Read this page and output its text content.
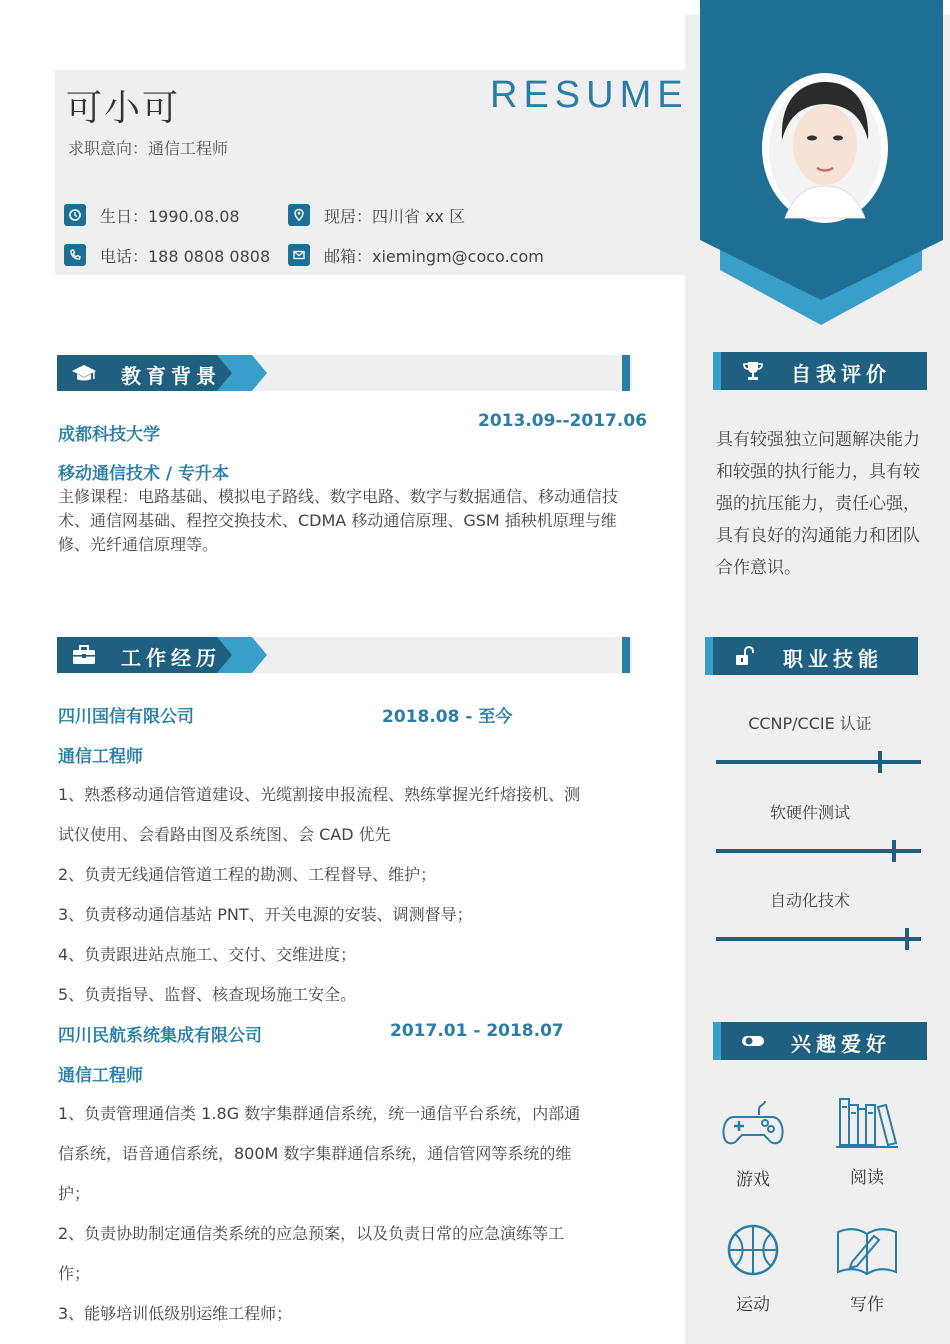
可小可	RESUME
求职意向：通信工程师
生日：1990.08.08	现居：四川省 xx 区
电话：188 0808 0808	邮箱：xiemingm@coco.com
教育背景
成都科技大学
2013.09--2017.06
移动通信技术 / 专升本
主修课程：电路基础、模拟电子路线、数字电路、数字与数据通信、移动通信技术、通信网基础、程控交换技术、CDMA 移动通信原理、GSM 插秧机原理与维修、光纤通信原理等。
工作经历
四川国信有限公司	2018.08 - 至今
通信工程师
1、熟悉移动通信管道建设、光缆割接申报流程、熟练掌握光纤熔接机、测
试仪使用、会看路由图及系统图、会 CAD 优先
2、负责无线通信管道工程的勘测、工程督导、维护；
3、负责移动通信基站 PNT、开关电源的安装、调测督导；
4、负责跟进站点施工、交付、交维进度；
5、负责指导、监督、核查现场施工安全。
四川民航系统集成有限公司	2017.01 - 2018.07
通信工程师
1、负责管理通信类 1.8G 数字集群通信系统，统一通信平台系统，内部通
信系统，语音通信系统，800M 数字集群通信系统，通信管网等系统的维
护；
2、负责协助制定通信类系统的应急预案，以及负责日常的应急演练等工
作；
3、能够培训低级别运维工程师；
自我评价
具有较强独立问题解决能力和较强的执行能力，具有较强的抗压能力，责任心强，具有良好的沟通能力和团队合作意识。
职业技能
CCNP/CCIE 认证
软硬件测试
自动化技术
兴趣爱好
游戏	阅读
运动	写作
